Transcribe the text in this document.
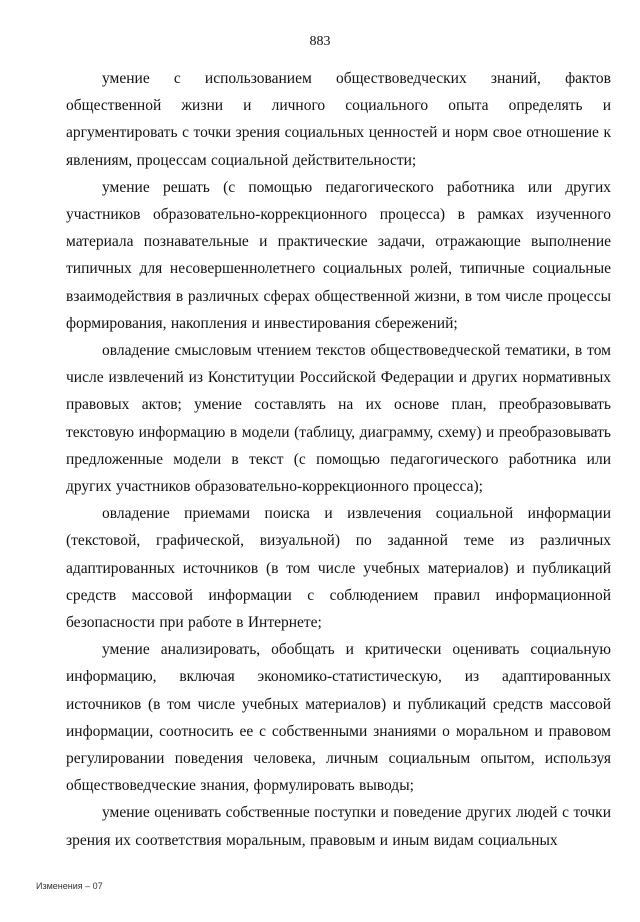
883

умение с использованием обществоведческих знаний, фактов общественной жизни и личного социального опыта определять и аргументировать с точки зрения социальных ценностей и норм свое отношение к явлениям, процессам социальной действительности;

умение решать (с помощью педагогического работника или других участников образовательно-коррекционного процесса) в рамках изученного материала познавательные и практические задачи, отражающие выполнение типичных для несовершеннолетнего социальных ролей, типичные социальные взаимодействия в различных сферах общественной жизни, в том числе процессы формирования, накопления и инвестирования сбережений;

овладение смысловым чтением текстов обществоведческой тематики, в том числе извлечений из Конституции Российской Федерации и других нормативных правовых актов; умение составлять на их основе план, преобразовывать текстовую информацию в модели (таблицу, диаграмму, схему) и преобразовывать предложенные модели в текст (с помощью педагогического работника или других участников образовательно-коррекционного процесса);

овладение приемами поиска и извлечения социальной информации (текстовой, графической, визуальной) по заданной теме из различных адаптированных источников (в том числе учебных материалов) и публикаций средств массовой информации с соблюдением правил информационной безопасности при работе в Интернете;

умение анализировать, обобщать и критически оценивать социальную информацию, включая экономико-статистическую, из адаптированных источников (в том числе учебных материалов) и публикаций средств массовой информации, соотносить ее с собственными знаниями о моральном и правовом регулировании поведения человека, личным социальным опытом, используя обществоведческие знания, формулировать выводы;

умение оценивать собственные поступки и поведение других людей с точки зрения их соответствия моральным, правовым и иным видам социальных

Изменения – 07
